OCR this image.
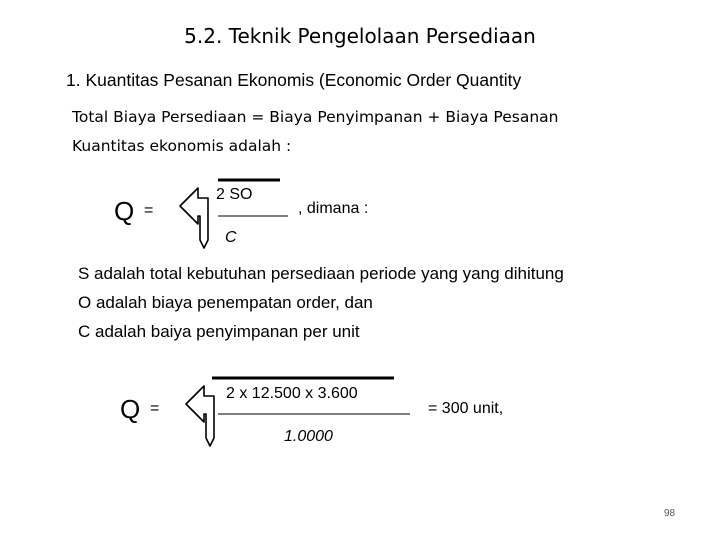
5.2. Teknik Pengelolaan Persediaan
1. Kuantitas Pesanan Ekonomis (Economic Order Quantity
Total Biaya Persediaan = Biaya Penyimpanan + Biaya Pesanan
Kuantitas ekonomis adalah :
Q =
2 SO
C
, dimana :
S adalah total kebutuhan persediaan periode yang yang dihitung
O adalah biaya penempatan order, dan
C adalah baiya penyimpanan per unit
Q =
2 x 12.500 x 3.600
1.0000
= 300 unit,
98
